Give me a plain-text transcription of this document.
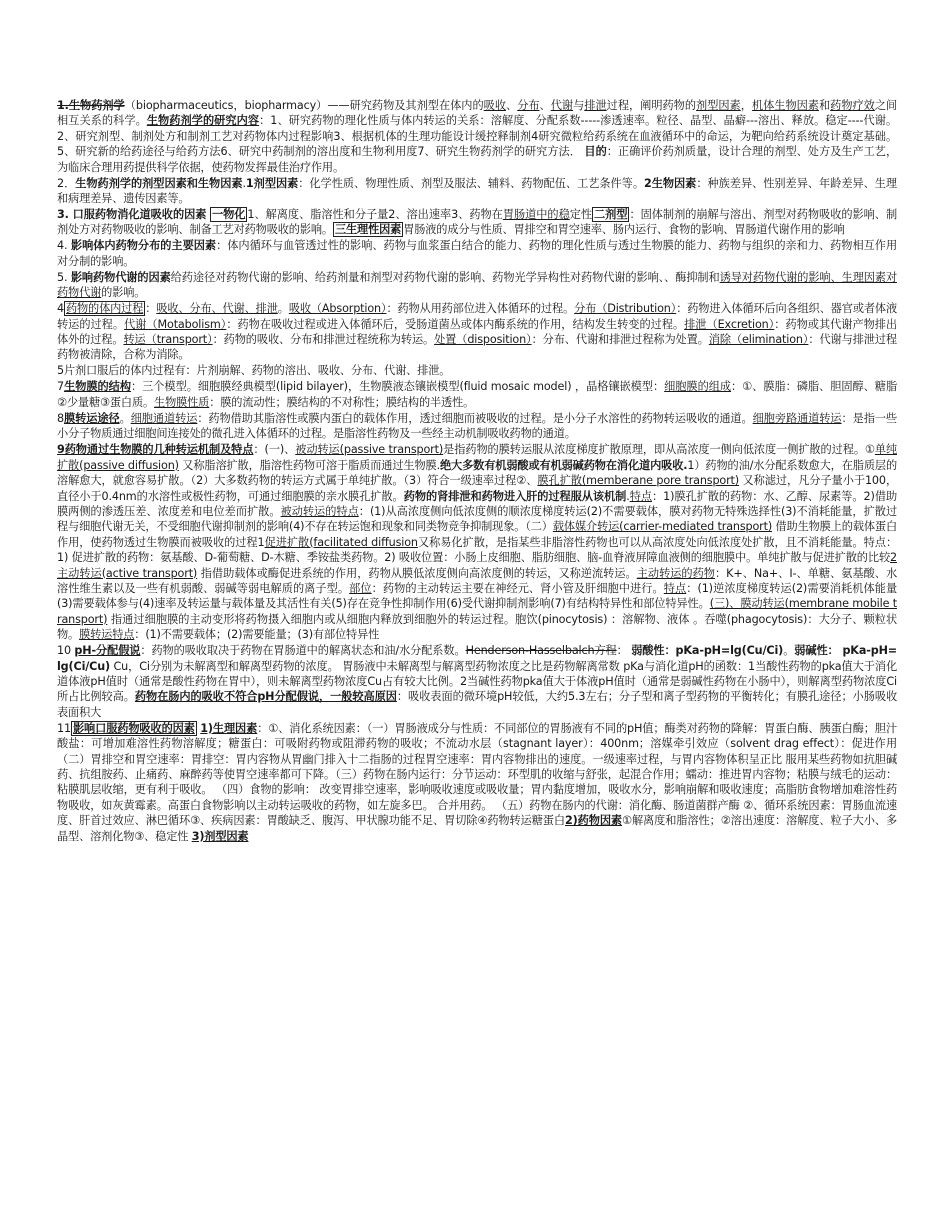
1.生物药剂学（biopharmaceutics，biopharmacy）——研究药物及其剂型在体内的吸收、分布、代谢与排泄过程，阐明药物的剂型因素，机体生物因素和药物疗效之间相互关系的科学。生物药剂学的研究内容：1、研究药物的理化性质与体内转运的关系：溶解度、分配系数-----渗透速率。粒径、晶型、晶癖---溶出、释放。稳定----代谢。2、研究剂型、制剂处方和制剂工艺对药物体内过程影响3、根据机体的生理功能设计缓控释制剂4研究微粒给药系统在血液循环中的命运，为靶向给药系统设计奠定基础。 5、研究新的给药途径与给药方法6、研究中药制剂的溶出度和生物利用度7、研究生物药剂学的研究方法． 目的：正确评价药剂质量，设计合理的剂型、处方及生产工艺，为临床合理用药提供科学依据，使药物发挥最佳治疗作用。

2．生物药剂学的剂型因素和生物因素.1剂型因素：化学性质、物理性质、剂型及服法、辅料、药物配伍、工艺条件等。2生物因素：种族差异、性别差异、年龄差异、生理和病理差异、遗传因素等。

3. 口服药物消化道吸收的因素 一物化 1、解离度、脂溶性和分子量2、溶出速率3、药物在胃肠道中的稳定性 二剂型 ：固体制剂的崩解与溶出、剂型对药物吸收的影响、制剂处方对药物吸收的影响、制备工艺对药物吸收的影响。 三生理性因素 胃肠液的成分与性质、胃排空和胃空速率、肠内运行、食物的影响、胃肠道代谢作用的影响

4. 影响体内药物分布的主要因素：体内循环与血管透过性的影响、药物与血浆蛋白结合的能力、药物的理化性质与透过生物膜的能力、药物与组织的亲和力、药物相互作用对分制的影响。

5. 影响药物代谢的因素给药途径对药物代谢的影响、给药剂量和剂型对药物代谢的影响、药物光学异构性对药物代谢的影响、、酶抑制和诱导对药物代谢的影响、生理因素对药物代谢的影响。

4 药物的体内过程 ：吸收、分布、代谢、排泄。吸收（Absorption）：药物从用药部位进入体循环的过程。分布（Distribution）：药物进入体循环后向各组织、器官或者体液转运的过程。代谢（Motabolism）：药物在吸收过程或进入体循环后，受肠道菌丛或体内酶系统的作用，结构发生转变的过程。排泄（Excretion）：药物或其代谢产物排出体外的过程。转运（transport）：药物的吸收、分布和排泄过程统称为转运。处置（disposition）：分布、代谢和排泄过程称为处置。消除（elimination）：代谢与排泄过程药物被清除，合称为消除。

5片剂口服后的体内过程有：片剂崩解、药物的溶出、吸收、分布、代谢、排泄。

7生物膜的结构：三个模型。细胞膜经典模型(lipid bilayer)，生物膜液态镶嵌模型(fluid mosaic model) ，晶格镶嵌模型：细胞膜的组成：①、膜脂：磷脂、胆固醇、糖脂②少量糖③蛋白质。生物膜性质：膜的流动性；膜结构的不对称性；膜结构的半透性。

8膜转运途径。细胞通道转运：药物借助其脂溶性或膜内蛋白的载体作用，透过细胞而被吸收的过程。是小分子水溶性的药物转运吸收的通道。细胞旁路通道转运：是指一些小分子物质通过细胞间连接处的微孔进入体循环的过程。是脂溶性药物及一些经主动机制吸收药物的通道。

9药物通过生物膜的几种转运机制及特点：(一)、被动转运(passive transport)是指药物的膜转运服从浓度梯度扩散原理，即从高浓度一侧向低浓度一侧扩散的过程。①单纯扩散(passive diffusion) 又称脂溶扩散，脂溶性药物可溶于脂质而通过生物膜.绝大多数有机弱酸或有机弱碱药物在消化道内吸收.1）药物的油/水分配系数愈大，在脂质层的 溶解愈大，就愈容易扩散。（2）大多数药物的转运方式属于单纯扩散。（3）符合一级速率过程②、膜孔扩散(memberane pore transport) 又称滤过，凡分子量小于100，直径小于0.4nm的水溶性或极性药物，可通过细胞膜的亲水膜孔扩散。药物的肾排泄和药物进入肝的过程服从该机制.特点：1)膜孔扩散的药物：水、乙醇、尿素等。2)借助膜两侧的渗透压差、浓度差和电位差而扩散。被动转运的特点：(1)从高浓度侧向低浓度侧的顺浓度梯度转运(2)不需要载体，膜对药物无特殊选择性(3)不消耗能量，扩散过程与细胞代谢无关，不受细胞代谢抑制剂的影响(4)不存在转运饱和现象和同类物竞争抑制现象。（二）载体媒介转运(carrier-mediated transport) 借助生物膜上的载体蛋白作用，使药物透过生物膜而被吸收的过程1促进扩散(facilitated diffusion又称易化扩散，是指某些非脂溶性药物也可以从高浓度处向低浓度处扩散，且不消耗能量。特点：1) 促进扩散的药物：氨基酸、D-葡萄糖、D-木糖、季铵盐类药物。2) 吸收位置：小肠上皮细胞、脂肪细胞、脑-血脊液屏障血液侧的细胞膜中。单纯扩散与促进扩散的比较2主动转运(active transport) 指借助载体或酶促进系统的作用，药物从膜低浓度侧向高浓度侧的转运，又称逆流转运。主动转运的药物：K+、Na+、I-、单糖、氨基酸、水溶性维生素以及一些有机弱酸、弱碱等弱电解质的离子型。部位：药物的主动转运主要在神经元、肾小管及肝细胞中进行。特点：(1)逆浓度梯度转运(2)需要消耗机体能量(3)需要载体参与(4)速率及转运量与载体量及其活性有关(5)存在竞争性抑制作用(6)受代谢抑制剂影响(7)有结构特异性和部位特异性。(三)、膜动转运(membrane mobile transport) 指通过细胞膜的主动变形将药物摄入细胞内或从细胞内释放到细胞外的转运过程。胞饮(pinocytosis) ：溶解物、液体 。吞噬(phagocytosis)：大分子、颗粒状物。膜转运特点：(1)不需要载体；(2)需要能量；(3)有部位特异性

10 pH-分配假说：药物的吸收取决于药物在胃肠道中的解离状态和油/水分配系数。Henderson-Hasselbalch方程： 弱酸性：pKa-pH=lg(Cu/Ci)。弱碱性： pKa-pH=lg(Ci/Cu) Cu，Ci分别为未解离型和解离型药物的浓度。 胃肠液中未解离型与解离型药物浓度之比是药物解离常数 pKa与消化道pH的函数：1当酸性药物的pka值大于消化道体液pH值时（通常是酸性药物在胃中），则未解离型药物浓度Cu占有较大比例。2当碱性药物pka值大于体液pH值时（通常是弱碱性药物在小肠中），则解离型药物浓度Ci所占比例较高。药物在肠内的吸收不符合pH分配假说，一般较高原因：吸收表面的微环境pH较低，大约5.3左右；分子型和离子型药物的平衡转化；有膜孔途径；小肠吸收表面积大

11 影响口服药物吸收的因素 1)生理因素：①、消化系统因素：（一）胃肠液成分与性质：不同部位的胃肠液有不同的pH值；酶类对药物的降解：胃蛋白酶、胰蛋白酶；胆汁酸盐：可增加难溶性药物溶解度；糖蛋白：可吸附药物或阻滞药物的吸收；不流动水层（stagnant layer）：400nm；溶媒牵引效应（solvent drag effect）：促进作用 （二）胃排空和胃空速率：胃排空：胃内容物从胃幽门排入十二指肠的过程胃空速率：胃内容物排出的速度。一级速率过程，与胃内容物体积呈正比 服用某些药物如抗胆碱药、抗组胺药、止痛药、麻醉药等使胃空速率都可下降。（三）药物在肠内运行：分节运动：环型肌的收缩与舒张，起混合作用；蠕动：推进胃内容物；粘膜与绒毛的运动：粘膜肌层收缩，更有利于吸收。 （四）食物的影响： 改变胃排空速率，影响吸收速度或吸收量；胃内黏度增加，吸收水分，影响崩解和吸收速度；高脂肪食物增加难溶性药物吸收，如灰黄霉素。高蛋白食物影响以主动转运吸收的药物，如左旋多巴。 合并用药。 （五）药物在肠内的代谢：消化酶、肠道菌群产酶 ②、循环系统因素：胃肠血流速度、肝首过效应、淋巴循环③、疾病因素：胃酸缺乏、腹泻、甲状腺功能不足、胃切除④药物转运糖蛋白2)药物因素①解离度和脂溶性；②溶出速度：溶解度、粒子大小、多晶型、溶剂化物③、稳定性 3)剂型因素
